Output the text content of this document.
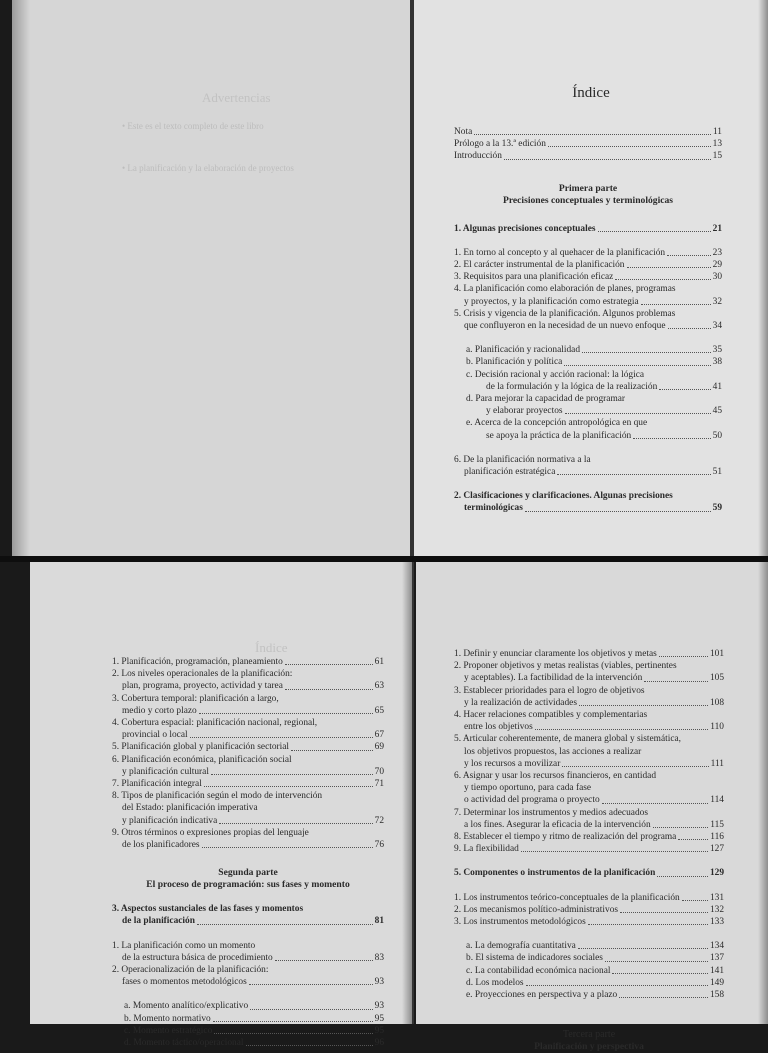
Advertencias
• Este es el texto completo de este libro
• La planificación y la elaboración de proyectos
Índice
Nota	11
Prólogo a la 13.ª edición	13
Introducción	15
Primera parte
Precisiones conceptuales y terminológicas
1. Algunas precisiones conceptuales	21
1. En torno al concepto y al quehacer de la planificación	23
2. El carácter instrumental de la planificación	29
3. Requisitos para una planificación eficaz	30
4. La planificación como elaboración de planes, programas
y proyectos, y la planificación como estrategia	32
5. Crisis y vigencia de la planificación. Algunos problemas
que confluyeron en la necesidad de un nuevo enfoque	34
a. Planificación y racionalidad	35
b. Planificación y política	38
c. Decisión racional y acción racional: la lógica
de la formulación y la lógica de la realización	41
d. Para mejorar la capacidad de programar
y elaborar proyectos	45
e. Acerca de la concepción antropológica en que
se apoya la práctica de la planificación	50
6. De la planificación normativa a la
planificación estratégica	51
2. Clasificaciones y clarificaciones. Algunas precisiones
terminológicas	59
Índice
1. Planificación, programación, planeamiento	61
2. Los niveles operacionales de la planificación:
plan, programa, proyecto, actividad y tarea	63
3. Cobertura temporal: planificación a largo,
medio y corto plazo	65
4. Cobertura espacial: planificación nacional, regional,
provincial o local	67
5. Planificación global y planificación sectorial	69
6. Planificación económica, planificación social
y planificación cultural	70
7. Planificación integral	71
8. Tipos de planificación según el modo de intervención
del Estado: planificación imperativa
y planificación indicativa	72
9. Otros términos o expresiones propias del lenguaje
de los planificadores	76
Segunda parte
El proceso de programación: sus fases y momento
3. Aspectos sustanciales de las fases y momentos
de la planificación	81
1. La planificación como un momento
de la estructura básica de procedimiento	83
2. Operacionalización de la planificación:
fases o momentos metodológicos	93
a. Momento analítico/explicativo	93
b. Momento normativo	95
c. Momento estratégico	95
d. Momento táctico/operacional	96
1. Definir y enunciar claramente los objetivos y metas	101
2. Proponer objetivos y metas realistas (viables, pertinentes
y aceptables). La factibilidad de la intervención	105
3. Establecer prioridades para el logro de objetivos
y la realización de actividades	108
4. Hacer relaciones compatibles y complementarias
entre los objetivos	110
5. Articular coherentemente, de manera global y sistemática,
los objetivos propuestos, las acciones a realizar
y los recursos a movilizar	111
6. Asignar y usar los recursos financieros, en cantidad
y tiempo oportuno, para cada fase
o actividad del programa o proyecto	114
7. Determinar los instrumentos y medios adecuados
a los fines. Asegurar la eficacia de la intervención	115
8. Establecer el tiempo y ritmo de realización del programa	116
9. La flexibilidad	127
5. Componentes o instrumentos de la planificación	129
1. Los instrumentos teórico-conceptuales de la planificación	131
2. Los mecanismos político-administrativos	132
3. Los instrumentos metodológicos	133
a. La demografía cuantitativa	134
b. El sistema de indicadores sociales	137
c. La contabilidad económica nacional	141
d. Los modelos	149
e. Proyecciones en perspectiva y a plazo	158
Tercera parte
Planificación y perspectiva
